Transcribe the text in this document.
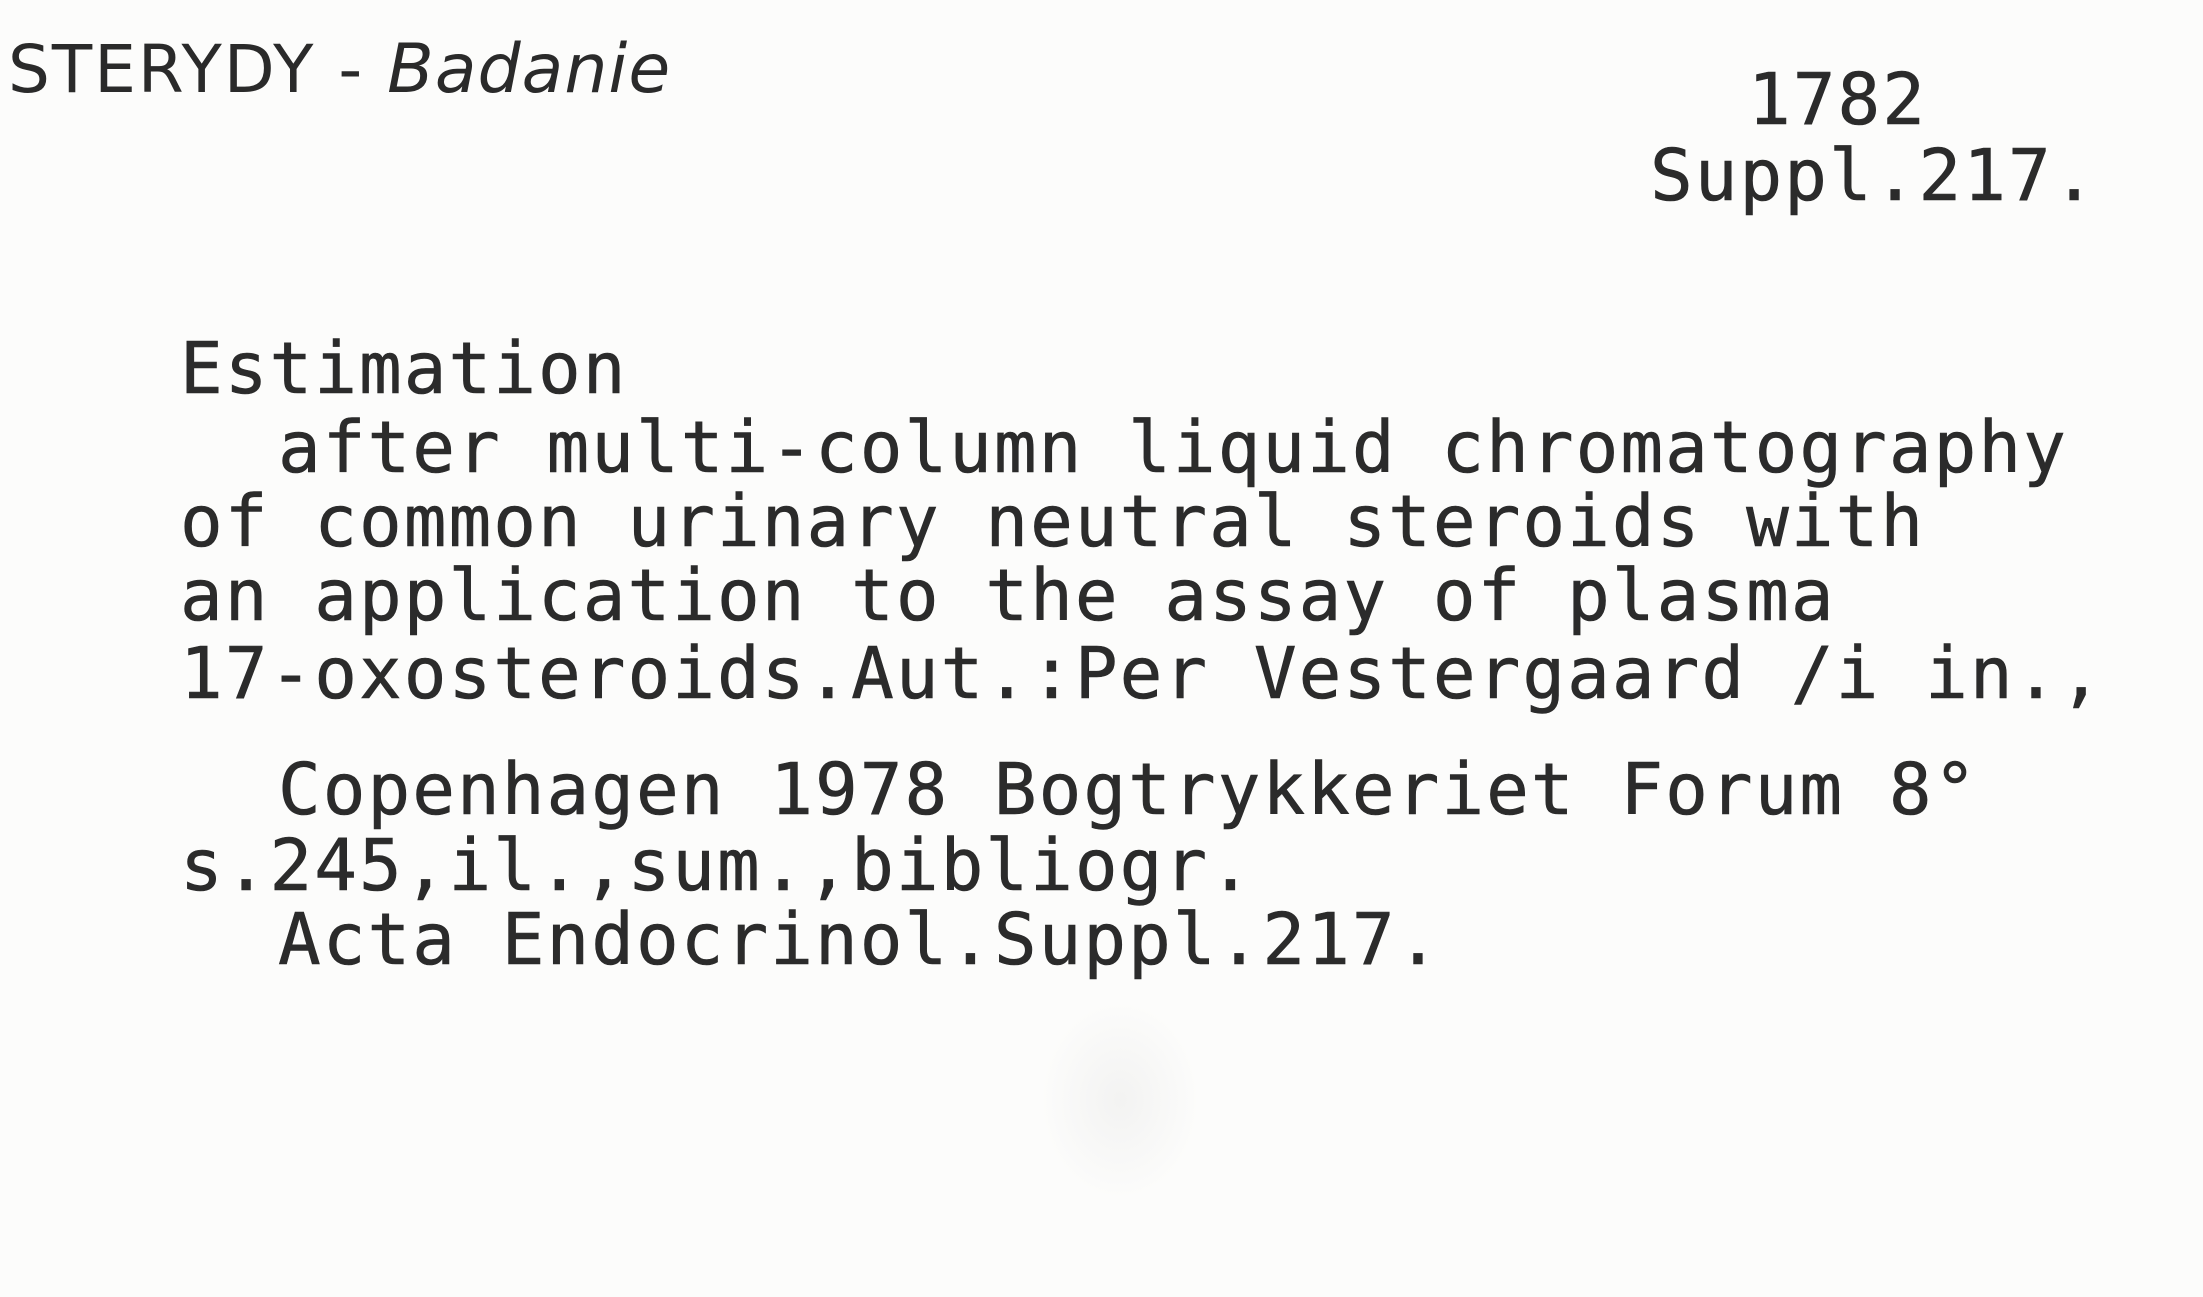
STERYDY - Badanie	1782
Suppl.217.
Estimation
after multi-column liquid chromatography
of common urinary neutral steroids with
an application to the assay of plasma
17-oxosteroids.Aut.:Per Vestergaard /i in.,
Copenhagen 1978 Bogtrykkeriet Forum 8°
s.245,il.,sum.,bibliogr.
Acta Endocrinol.Suppl.217.
